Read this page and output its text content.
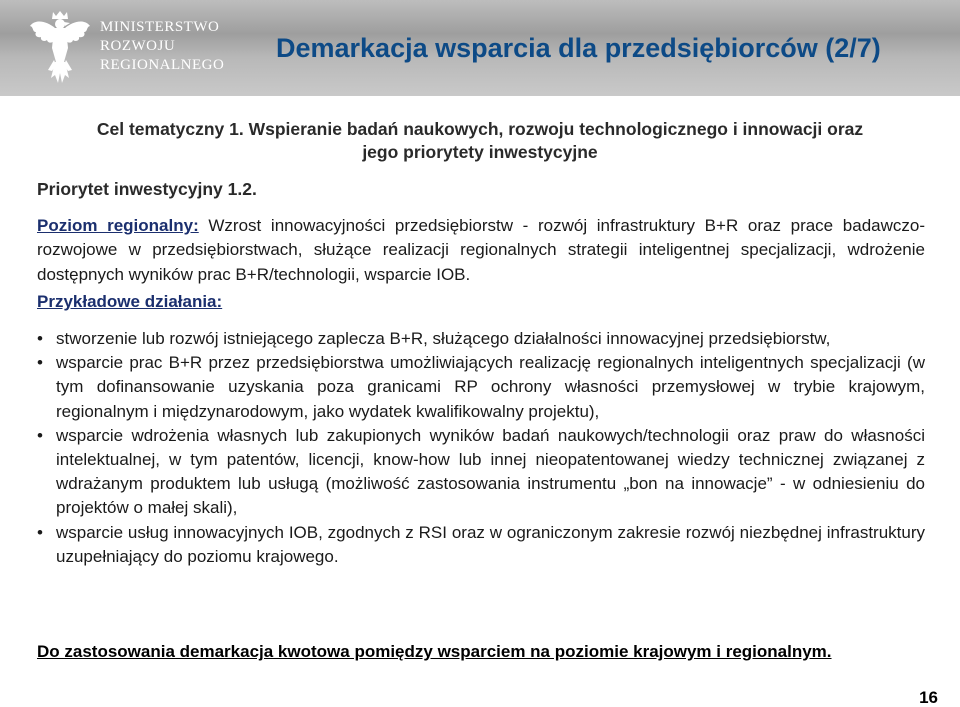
MINISTERSTWO
ROZWOJU
REGIONALNEGO
Demarkacja wsparcia dla przedsiębiorców (2/7)
Cel tematyczny 1. Wspieranie badań naukowych, rozwoju technologicznego i innowacji oraz
jego priorytety inwestycyjne
Priorytet inwestycyjny 1.2.
Poziom regionalny: Wzrost innowacyjności przedsiębiorstw - rozwój infrastruktury B+R oraz prace badawczo-rozwojowe w przedsiębiorstwach, służące realizacji regionalnych strategii inteligentnej specjalizacji, wdrożenie dostępnych wyników prac B+R/technologii, wsparcie IOB.
Przykładowe działania:
• stworzenie lub rozwój istniejącego zaplecza B+R, służącego działalności innowacyjnej przedsiębiorstw,
• wsparcie prac B+R przez przedsiębiorstwa umożliwiających realizację regionalnych inteligentnych specjalizacji (w tym dofinansowanie uzyskania poza granicami RP ochrony własności przemysłowej w trybie krajowym, regionalnym i międzynarodowym, jako wydatek kwalifikowalny projektu),
• wsparcie wdrożenia własnych lub zakupionych wyników badań naukowych/technologii oraz praw do własności intelektualnej, w tym patentów, licencji, know-how lub innej nieopatentowanej wiedzy technicznej związanej z wdrażanym produktem lub usługą (możliwość zastosowania instrumentu „bon na innowacje” - w odniesieniu do projektów o małej skali),
• wsparcie usług innowacyjnych IOB, zgodnych z RSI oraz w ograniczonym zakresie rozwój niezbędnej infrastruktury uzupełniający do poziomu krajowego.
Do zastosowania demarkacja kwotowa pomiędzy wsparciem na poziomie krajowym i regionalnym.
16
